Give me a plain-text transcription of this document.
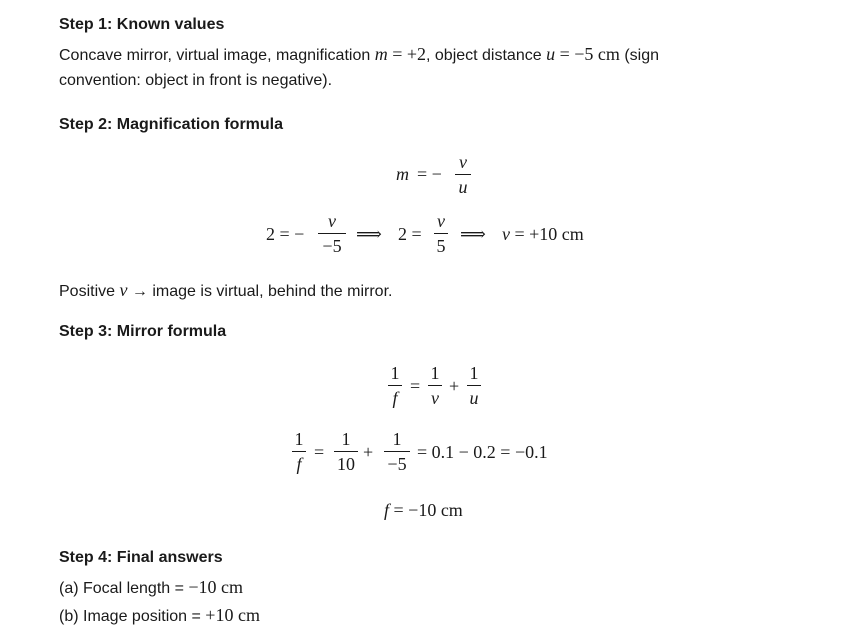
Step 1: Known values
Concave mirror, virtual image, magnification m = +2, object distance u = −5 cm (sign
convention: object in front is negative).
Step 2: Magnification formula
m = −
v
u
2 = −
v
−5
⟹ 2 =
v
5
⟹ v = +10 cm
Positive v → image is virtual, behind the mirror.
Step 3: Mirror formula
1
f
=
1
v
+
1
u
1
f
=
1
10
+
1
−5
= 0.1 − 0.2 = −0.1
f = −10 cm
Step 4: Final answers
(a) Focal length = −10 cm
(b) Image position = +10 cm
